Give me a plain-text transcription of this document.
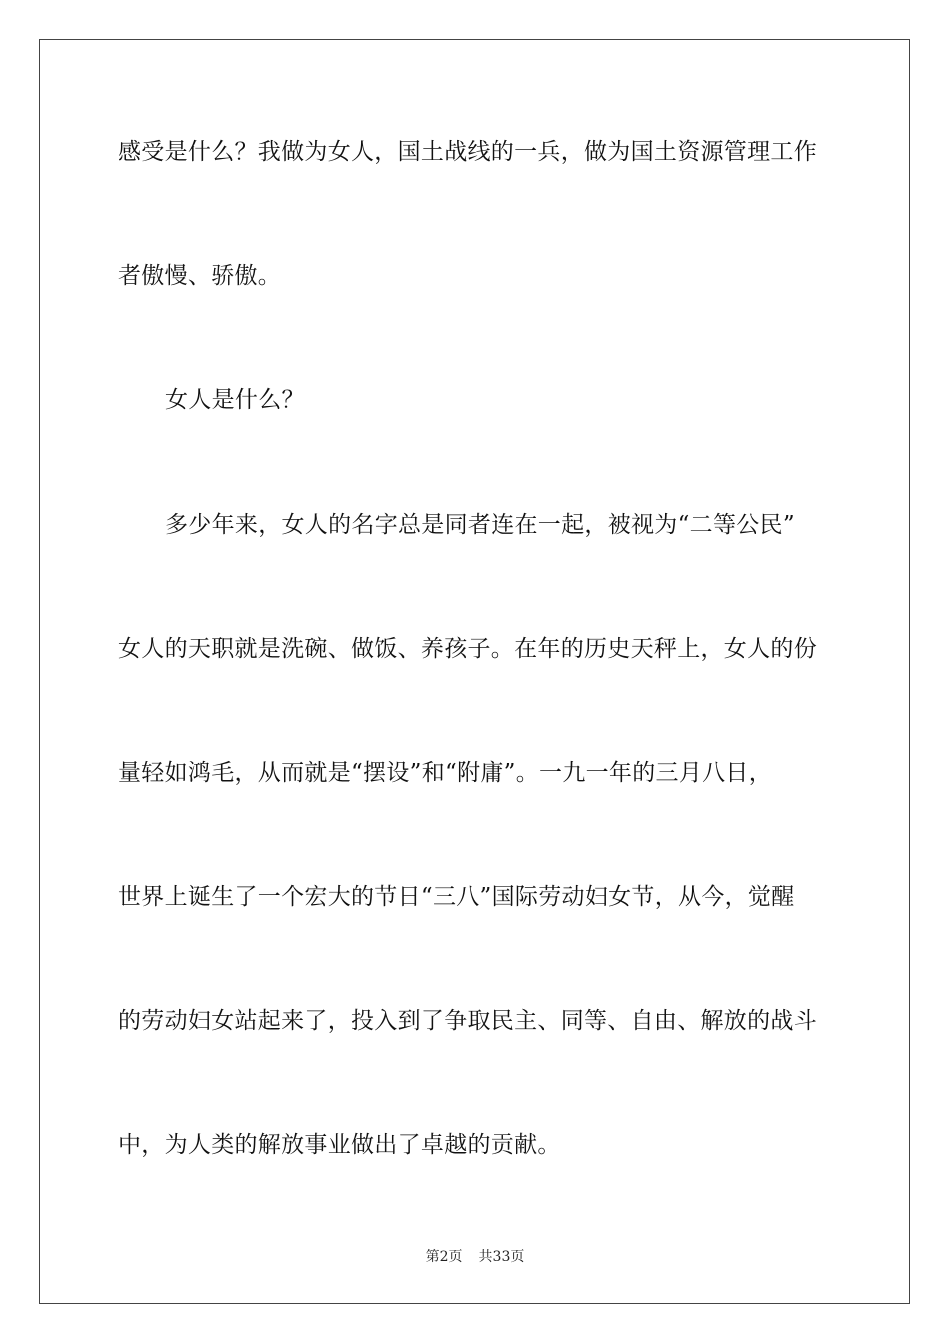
感受是什么？我做为女人，国土战线的一兵，做为国土资源管理工作
者傲慢、骄傲。
女人是什么？
多少年来，女人的名字总是同者连在一起，被视为“二等公民”
女人的天职就是洗碗、做饭、养孩子。在年的历史天秤上，女人的份
量轻如鸿毛，从而就是“摆设”和“附庸”。一九一年的三月八日，
世界上诞生了一个宏大的节日“三八”国际劳动妇女节，从今，觉醒
的劳动妇女站起来了，投入到了争取民主、同等、自由、解放的战斗
中，为人类的解放事业做出了卓越的贡献。
第2页 共33页
